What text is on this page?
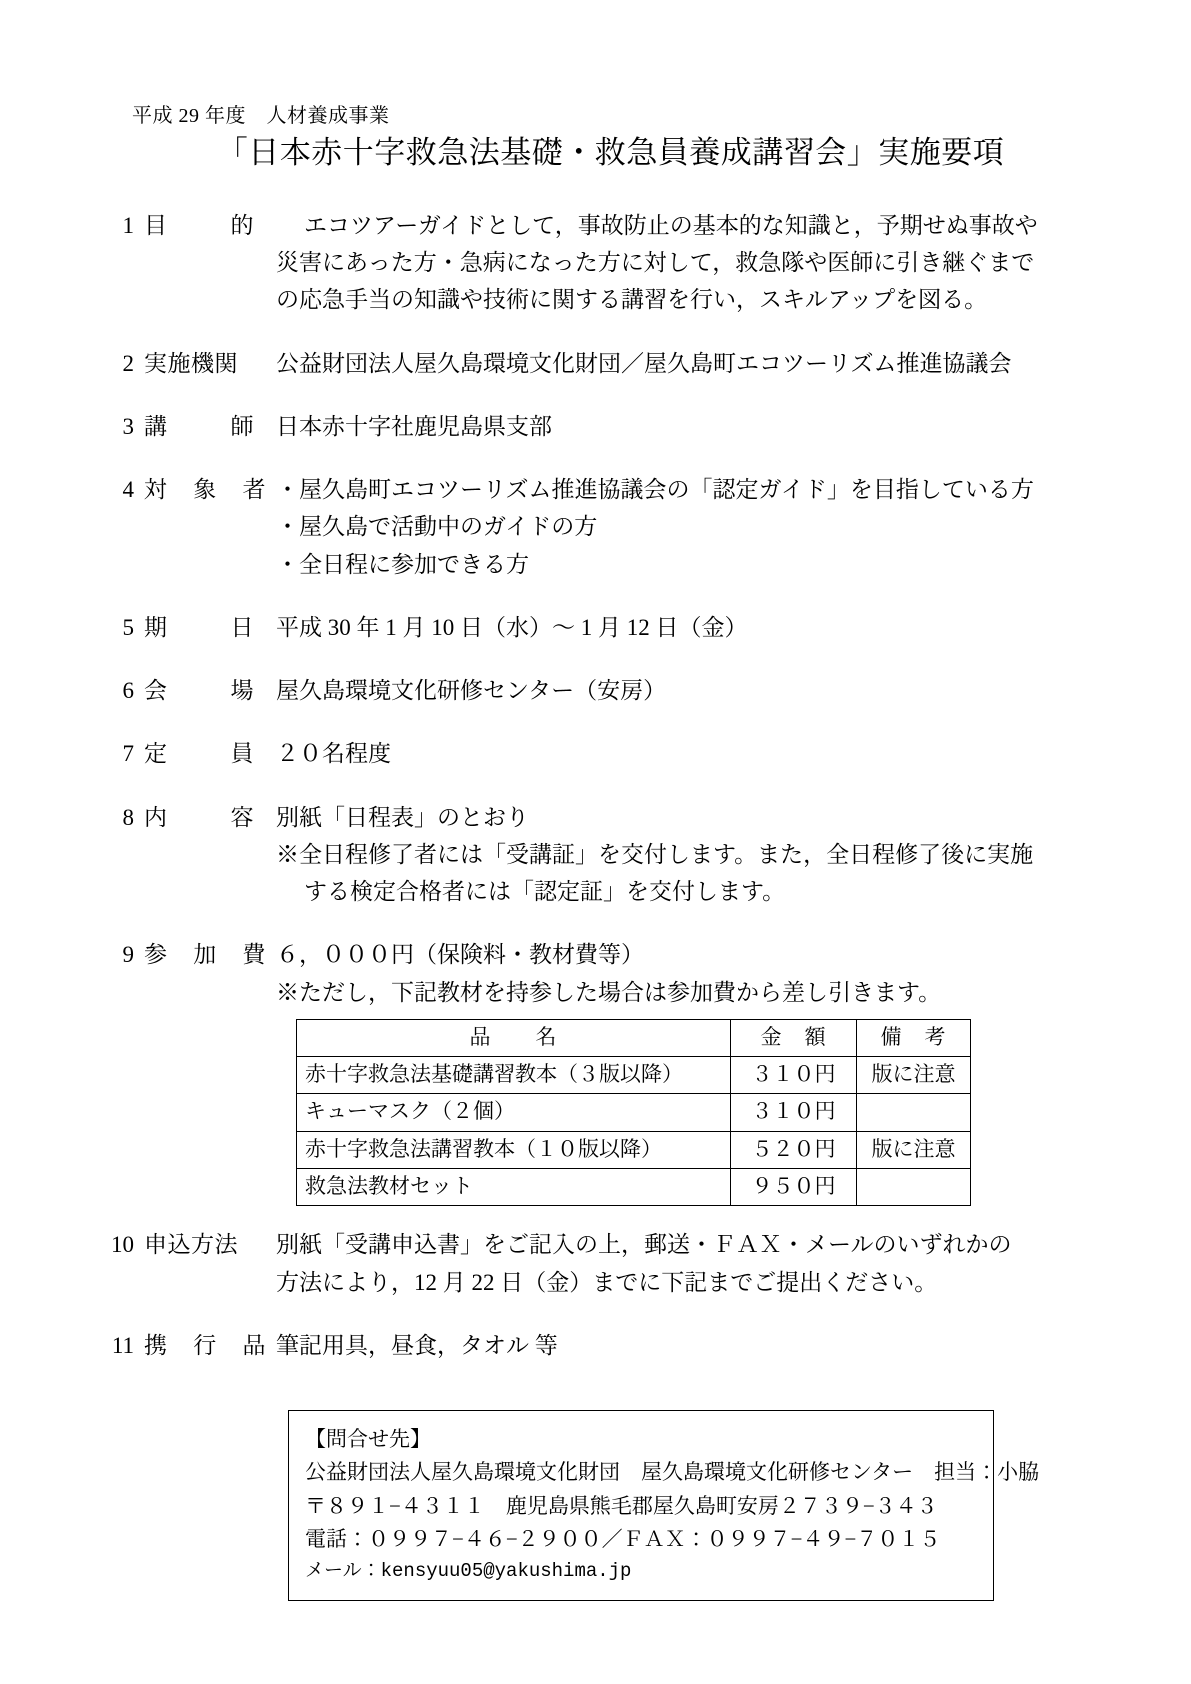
平成 29 年度　人材養成事業
「日本赤十字救急法基礎・救急員養成講習会」実施要項
1 目	的	エコツアーガイドとして，事故防止の基本的な知識と，予期せぬ事故や

災害にあった方・急病になった方に対して，救急隊や医師に引き継ぐまで

の応急手当の知識や技術に関する講習を行い，スキルアップを図る。

2 実施機関	公益財団法人屋久島環境文化財団／屋久島町エコツーリズム推進協議会

3 講	師 日本赤十字社鹿児島県支部

4 対 象 者 ・屋久島町エコツーリズム推進協議会の「認定ガイド」を目指している方

・屋久島で活動中のガイドの方

・全日程に参加できる方

5 期	日 平成 30 年 1 月 10 日（水）〜 1 月 12 日（金）

6 会	場 屋久島環境文化研修センター（安房）

7 定	員 ２０名程度

8 内	容 別紙「日程表」のとおり

※全日程修了者には「受講証」を交付します。また，全日程修了後に実施

する検定合格者には「認定証」を交付します。

9 参 加 費 ６，０００円（保険料・教材費等）

※ただし，下記教材を持参した場合は参加費から差し引きます。

品　　名	金　額	備　考
赤十字救急法基礎講習教本（３版以降）	３１０円	版に注意
キューマスク（２個）	３１０円	
赤十字救急法講習教本（１０版以降）	５２０円	版に注意
救急法教材セット	９５０円	
10 申込方法	別紙「受講申込書」をご記入の上，郵送・ＦＡＸ・メールのいずれかの

方法により，12 月 22 日（金）までに下記までご提出ください。

11 携 行 品 筆記用具，昼食，タオル 等

【問合せ先】

公益財団法人屋久島環境文化財団　屋久島環境文化研修センター　担当：小脇

〒８９１−４３１１　鹿児島県熊毛郡屋久島町安房２７３９−３４３

電話：０９９７−４６−２９００／ＦＡＸ：０９９７−４９−７０１５

メール：kensyuu05@yakushima.jp
